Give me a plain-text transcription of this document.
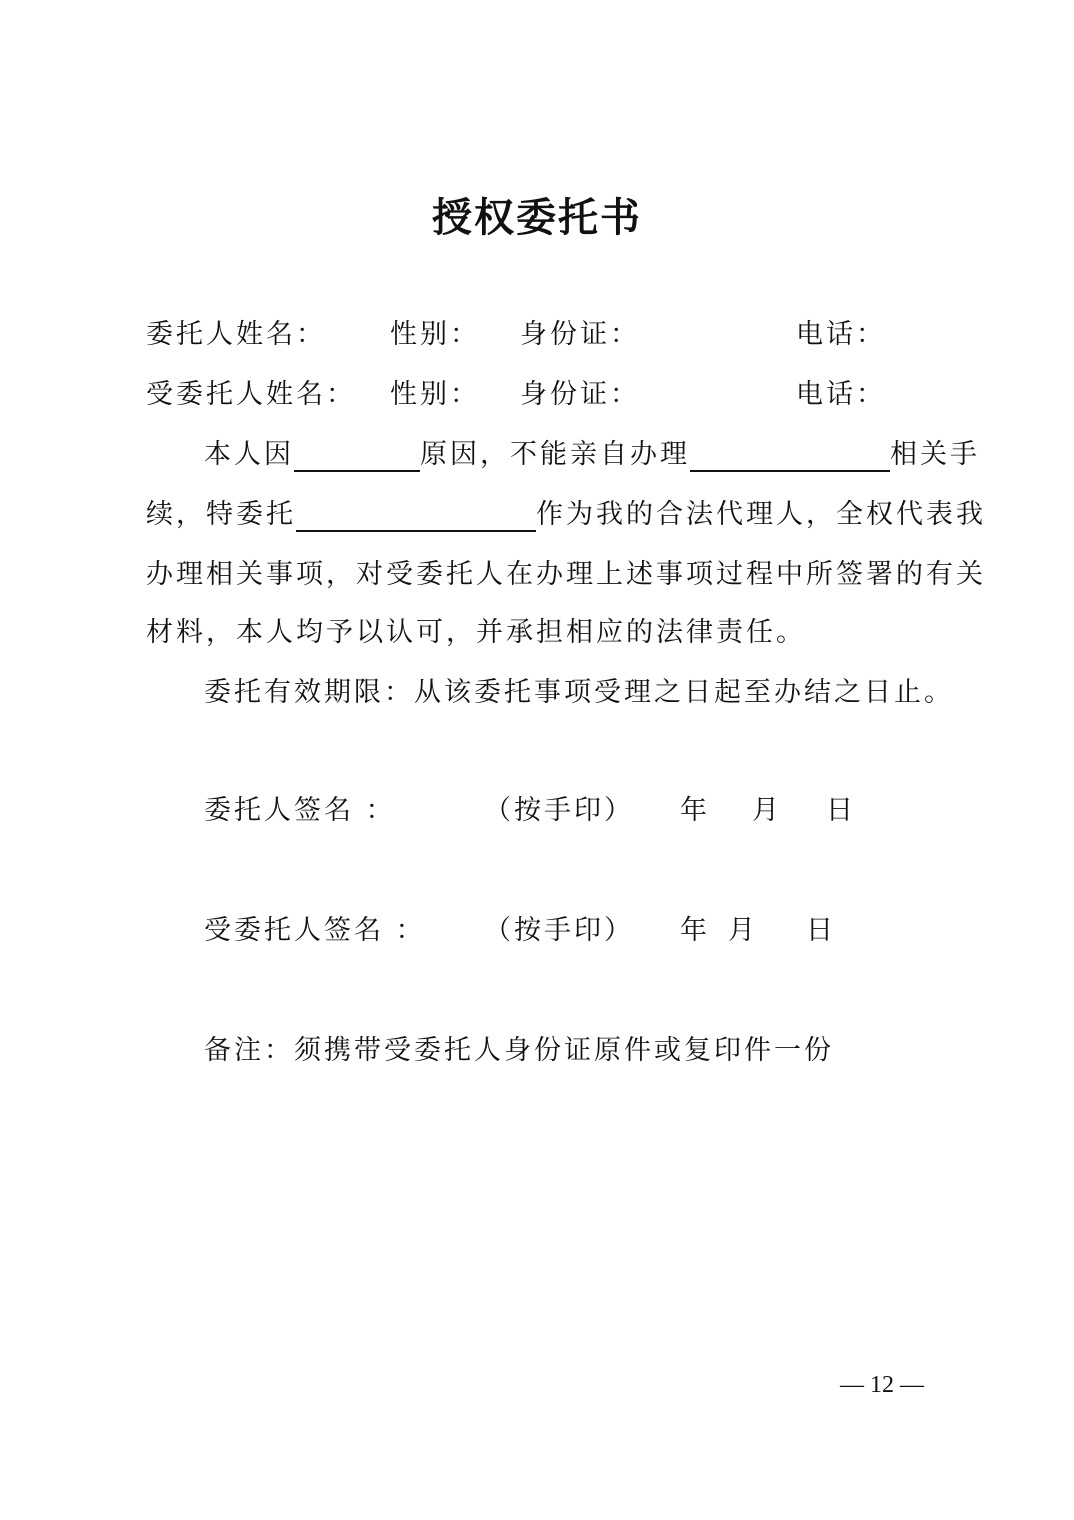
授权委托书
委托人姓名： 性别： 身份证：	电话：
受委托人姓名： 性别： 身份证：	电话：
本人因	原因，不能亲自办理	相关手
续，特委托	作为我的合法代理人，全权代表我
办理相关事项，对受委托人在办理上述事项过程中所签署的有关
材料，本人均予以认可，并承担相应的法律责任。
委托有效期限：从该委托事项受理之日起至办结之日止。
委托人签名 ：	（按手印） 年 月 日
受委托人签名 ： （按手印） 年 月 日
备注：须携带受委托人身份证原件或复印件一份
— 12 —
